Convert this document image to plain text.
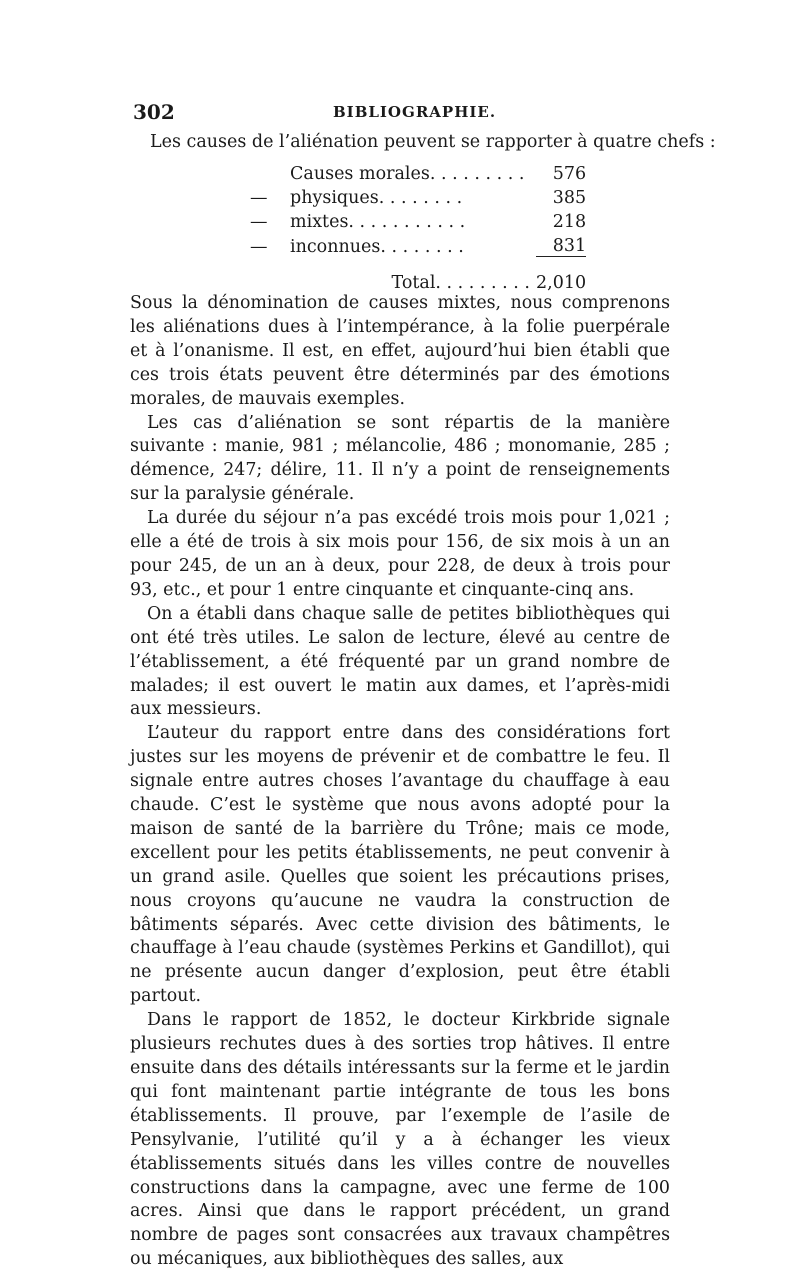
302	BIBLIOGRAPHIE.
Les causes de l’aliénation peuvent se rapporter à quatre chefs :
	Causes morales. . . . . . . . .	576
—	physiques. . . . . . . .	385
—	mixtes. . . . . . . . . . .	218
—	inconnues. . . . . . . .	831
	Total. . . . . . . . .	2,010

Sous la dénomination de causes mixtes, nous comprenons les aliénations dues à l’intempérance, à la folie puerpérale et à l’onanisme. Il est, en effet, aujourd’hui bien établi que ces trois états peuvent être déterminés par des émotions morales, de mauvais exemples.

Les cas d’aliénation se sont répartis de la manière suivante : manie, 981 ; mélancolie, 486 ; monomanie, 285 ; démence, 247; délire, 11. Il n’y a point de renseignements sur la paralysie générale.

La durée du séjour n’a pas excédé trois mois pour 1,021 ; elle a été de trois à six mois pour 156, de six mois à un an pour 245, de un an à deux, pour 228, de deux à trois pour 93, etc., et pour 1 entre cinquante et cinquante-cinq ans.

On a établi dans chaque salle de petites bibliothèques qui ont été très utiles. Le salon de lecture, élevé au centre de l’établissement, a été fréquenté par un grand nombre de malades; il est ouvert le matin aux dames, et l’après-midi aux messieurs.

L’auteur du rapport entre dans des considérations fort justes sur les moyens de prévenir et de combattre le feu. Il signale entre autres choses l’avantage du chauffage à eau chaude. C’est le système que nous avons adopté pour la maison de santé de la barrière du Trône; mais ce mode, excellent pour les petits établissements, ne peut convenir à un grand asile. Quelles que soient les précautions prises, nous croyons qu’aucune ne vaudra la construction de bâtiments séparés. Avec cette division des bâtiments, le chauffage à l’eau chaude (systèmes Perkins et Gandillot), qui ne présente aucun danger d’explosion, peut être établi partout.

Dans le rapport de 1852, le docteur Kirkbride signale plusieurs rechutes dues à des sorties trop hâtives. Il entre ensuite dans des détails intéressants sur la ferme et le jardin qui font maintenant partie intégrante de tous les bons établissements. Il prouve, par l’exemple de l’asile de Pensylvanie, l’utilité qu’il y a à échanger les vieux établissements situés dans les villes contre de nouvelles constructions dans la campagne, avec une ferme de 100 acres. Ainsi que dans le rapport précédent, un grand nombre de pages sont consacrées aux travaux champêtres ou mécaniques, aux bibliothèques des salles, aux
